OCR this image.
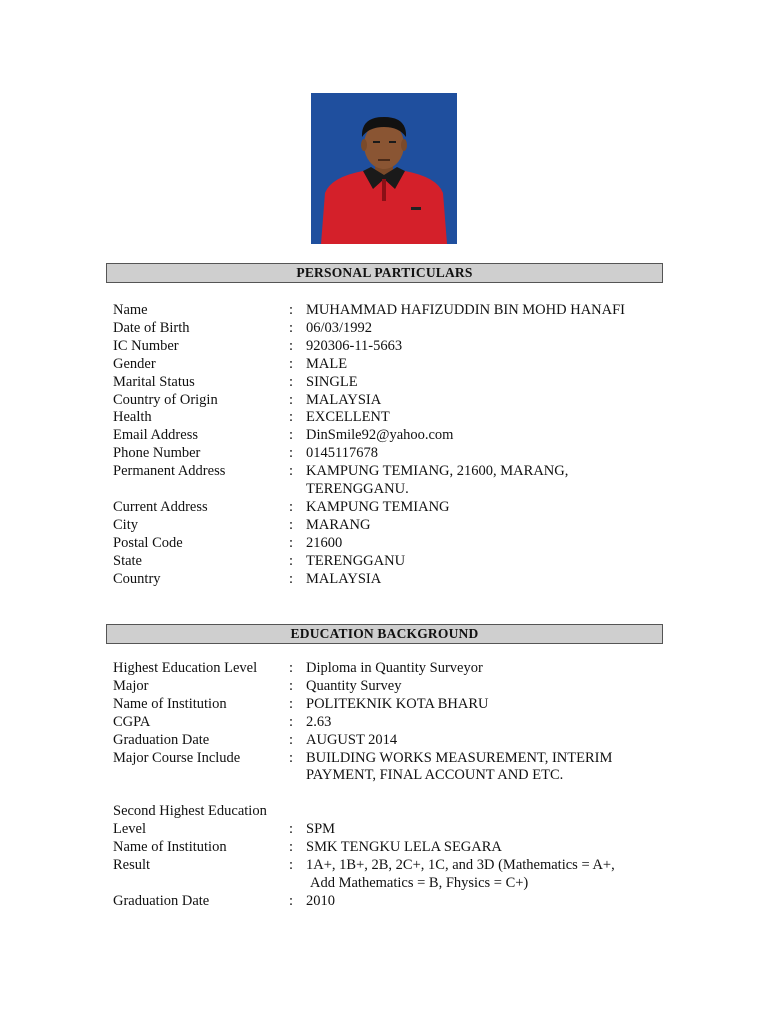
PERSONAL PARTICULARS
Name	: MUHAMMAD HAFIZUDDIN BIN MOHD HANAFI
Date of Birth	: 06/03/1992
IC Number	: 920306-11-5663
Gender	: MALE
Marital Status	: SINGLE
Country of Origin	: MALAYSIA
Health	: EXCELLENT
Email Address	: DinSmile92@yahoo.com
Phone Number	: 0145117678
Permanent Address	: KAMPUNG TEMIANG, 21600, MARANG,
TERENGGANU.
Current Address	: KAMPUNG TEMIANG
City	: MARANG
Postal Code	: 21600
State	: TERENGGANU
Country	: MALAYSIA
EDUCATION BACKGROUND
Highest Education Level	: Diploma in Quantity Surveyor
Major	: Quantity Survey
Name of Institution	: POLITEKNIK KOTA BHARU
CGPA	: 2.63
Graduation Date	: AUGUST 2014
Major Course Include	: BUILDING WORKS MEASUREMENT, INTERIM
PAYMENT, FINAL ACCOUNT AND ETC.
Second Highest Education
Level	: SPM
Name of Institution	: SMK TENGKU LELA SEGARA
Result	: 1A+, 1B+, 2B, 2C+, 1C, and 3D (Mathematics = A+,
Add Mathematics = B, Fhysics = C+)
Graduation Date	: 2010
